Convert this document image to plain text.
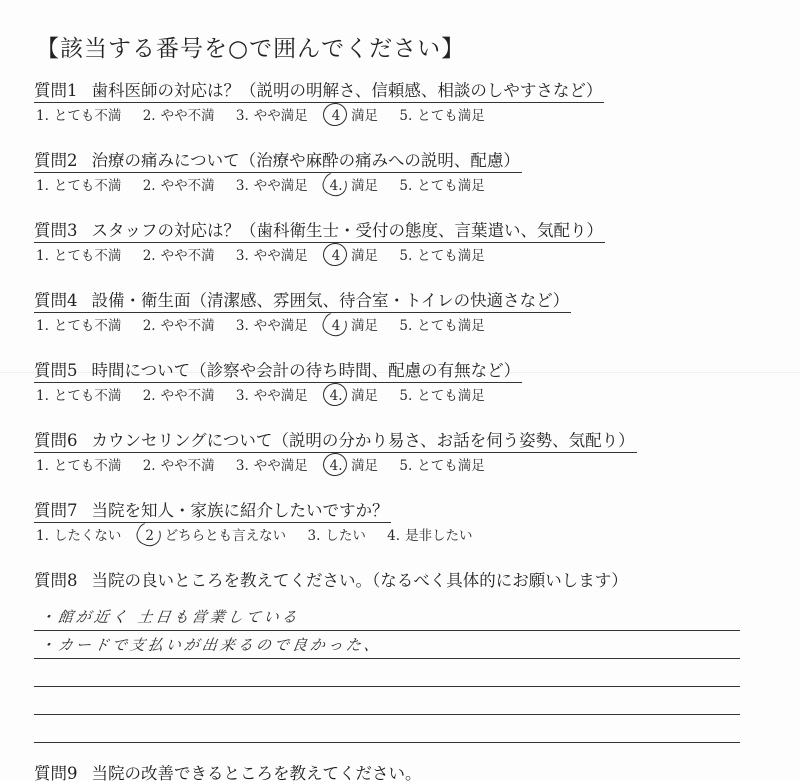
【該当する番号を○で囲んでください】
質問1 歯科医師の対応は？（説明の明解さ、信頼感、相談のしやすさなど）
1. とても不満 2. やや不満 3. やや満足 4 満足 5. とても満足
質問2 治療の痛みについて（治療や麻酔の痛みへの説明、配慮）
1. とても不満 2. やや不満 3. やや満足 4. 満足 5. とても満足
質問3 スタッフの対応は？（歯科衛生士・受付の態度、言葉遣い、気配り）
1. とても不満 2. やや不満 3. やや満足 4 満足 5. とても満足
質問4 設備・衛生面（清潔感、雰囲気、待合室・トイレの快適さなど）
1. とても不満 2. やや不満 3. やや満足 4 満足 5. とても満足
質問5 時間について（診察や会計の待ち時間、配慮の有無など）
1. とても不満 2. やや不満 3. やや満足 4. 満足 5. とても満足
質問6 カウンセリングについて（説明の分かり易さ、お話を伺う姿勢、気配り）
1. とても不満 2. やや不満 3. やや満足 4. 満足 5. とても満足
質問7 当院を知人・家族に紹介したいですか？
1. したくない 2 どちらとも言えない 3. したい 4. 是非したい
質問8 当院の良いところを教えてください。（なるべく具体的にお願いします）
・館が近く 土日も営業している
・カードで支払いが出来るので良かった、
質問9 当院の改善できるところを教えてください。
